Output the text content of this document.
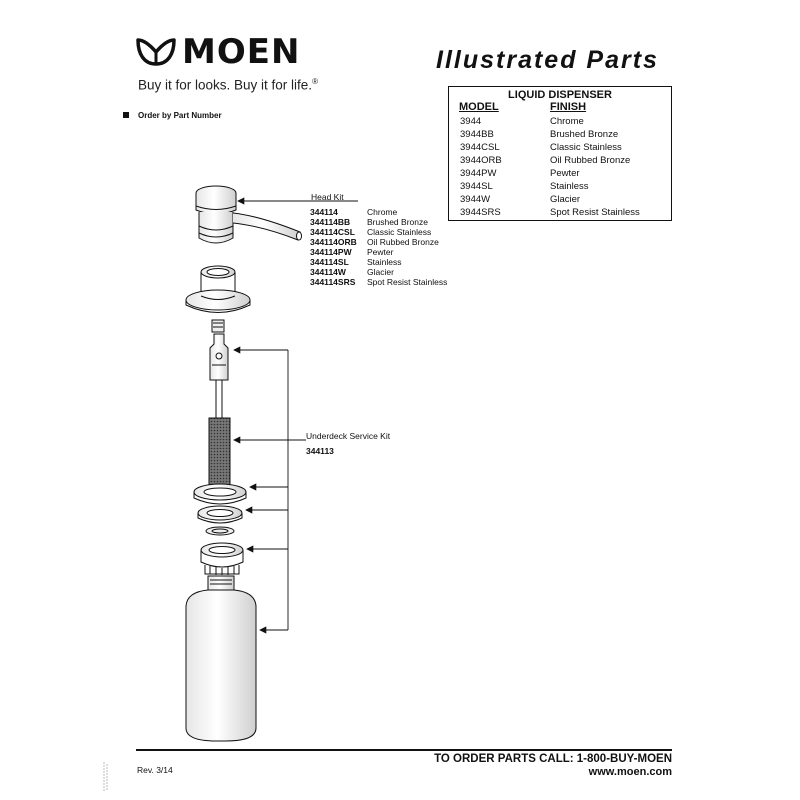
MOEN
Buy it for looks. Buy it for life.®
Illustrated Parts
Order by Part Number
LIQUID DISPENSER
MODEL	FINISH
3944	Chrome
3944BB	Brushed Bronze
3944CSL	Classic Stainless
3944ORB	Oil Rubbed Bronze
3944PW	Pewter
3944SL	Stainless
3944W	Glacier
3944SRS	Spot Resist Stainless
Head Kit
344114	Chrome
344114BB Brushed Bronze
344114CSL Classic Stainless
344114ORB Oil Rubbed Bronze
344114PW Pewter
344114SL Stainless
344114W Glacier
344114SRS Spot Resist Stainless
Underdeck Service Kit
344113
TO ORDER PARTS CALL: 1-800-BUY-MOEN
www.moen.com
Rev. 3/14
